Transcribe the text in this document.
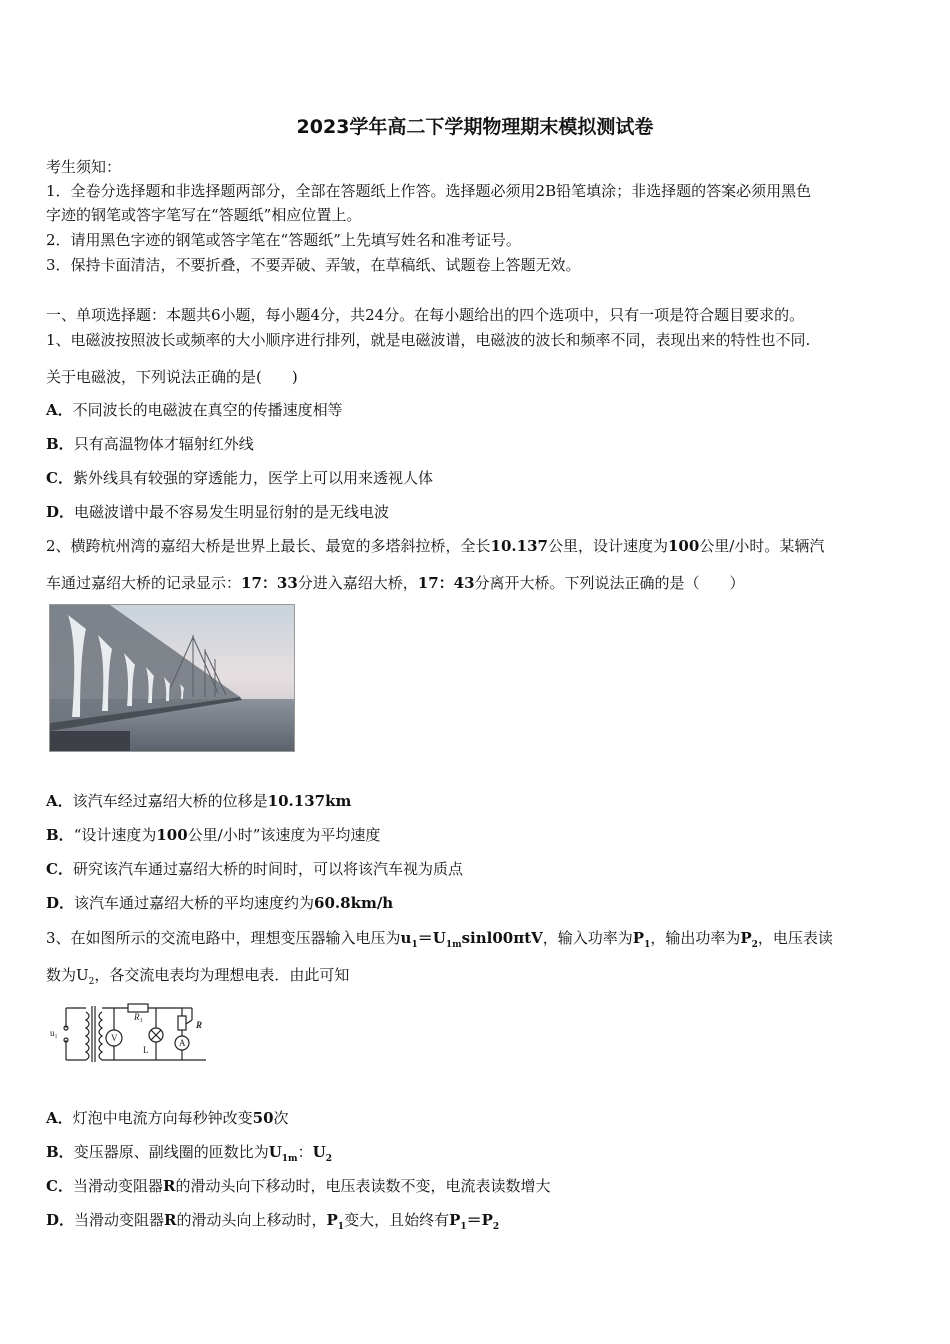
2023学年高二下学期物理期末模拟测试卷
考生须知：
1．全卷分选择题和非选择题两部分，全部在答题纸上作答。选择题必须用2B铅笔填涂；非选择题的答案必须用黑色
字迹的钢笔或答字笔写在“答题纸”相应位置上。
2．请用黑色字迹的钢笔或答字笔在“答题纸”上先填写姓名和准考证号。
3．保持卡面清洁，不要折叠，不要弄破、弄皱，在草稿纸、试题卷上答题无效。
一、单项选择题：本题共6小题，每小题4分，共24分。在每小题给出的四个选项中，只有一项是符合题目要求的。
1、电磁波按照波长或频率的大小顺序进行排列，就是电磁波谱，电磁波的波长和频率不同，表现出来的特性也不同.
关于电磁波，下列说法正确的是(　　)
A．不同波长的电磁波在真空的传播速度相等
B．只有高温物体才辐射红外线
C．紫外线具有较强的穿透能力，医学上可以用来透视人体
D．电磁波谱中最不容易发生明显衍射的是无线电波
2、横跨杭州湾的嘉绍大桥是世界上最长、最宽的多塔斜拉桥，全长10.137公里，设计速度为100公里/小时。某辆汽
车通过嘉绍大桥的记录显示：17：33分进入嘉绍大桥，17：43分离开大桥。下列说法正确的是（　　）
A．该汽车经过嘉绍大桥的位移是10.137km
B．“设计速度为100公里/小时”该速度为平均速度
C．研究该汽车通过嘉绍大桥的时间时，可以将该汽车视为质点
D．该汽车通过嘉绍大桥的平均速度约为60.8km/h
3、在如图所示的交流电路中，理想变压器输入电压为$u_1=U_{1m}\sin l00\pi tV$，输入功率为$P_1$，输出功率为$P_2$，电压表读
数为$U_2$，各交流电表均为理想电表．由此可知
u₁
R₁
V
L
A
R
A．灯泡中电流方向每秒钟改变50次
B．变压器原、副线圈的匝数比为$U_{1m}$：$U_2$
C．当滑动变阻器R的滑动头向下移动时，电压表读数不变，电流表读数增大
D．当滑动变阻器R的滑动头向上移动时，$P_1$变大，且始终有$P_1=P_2$
